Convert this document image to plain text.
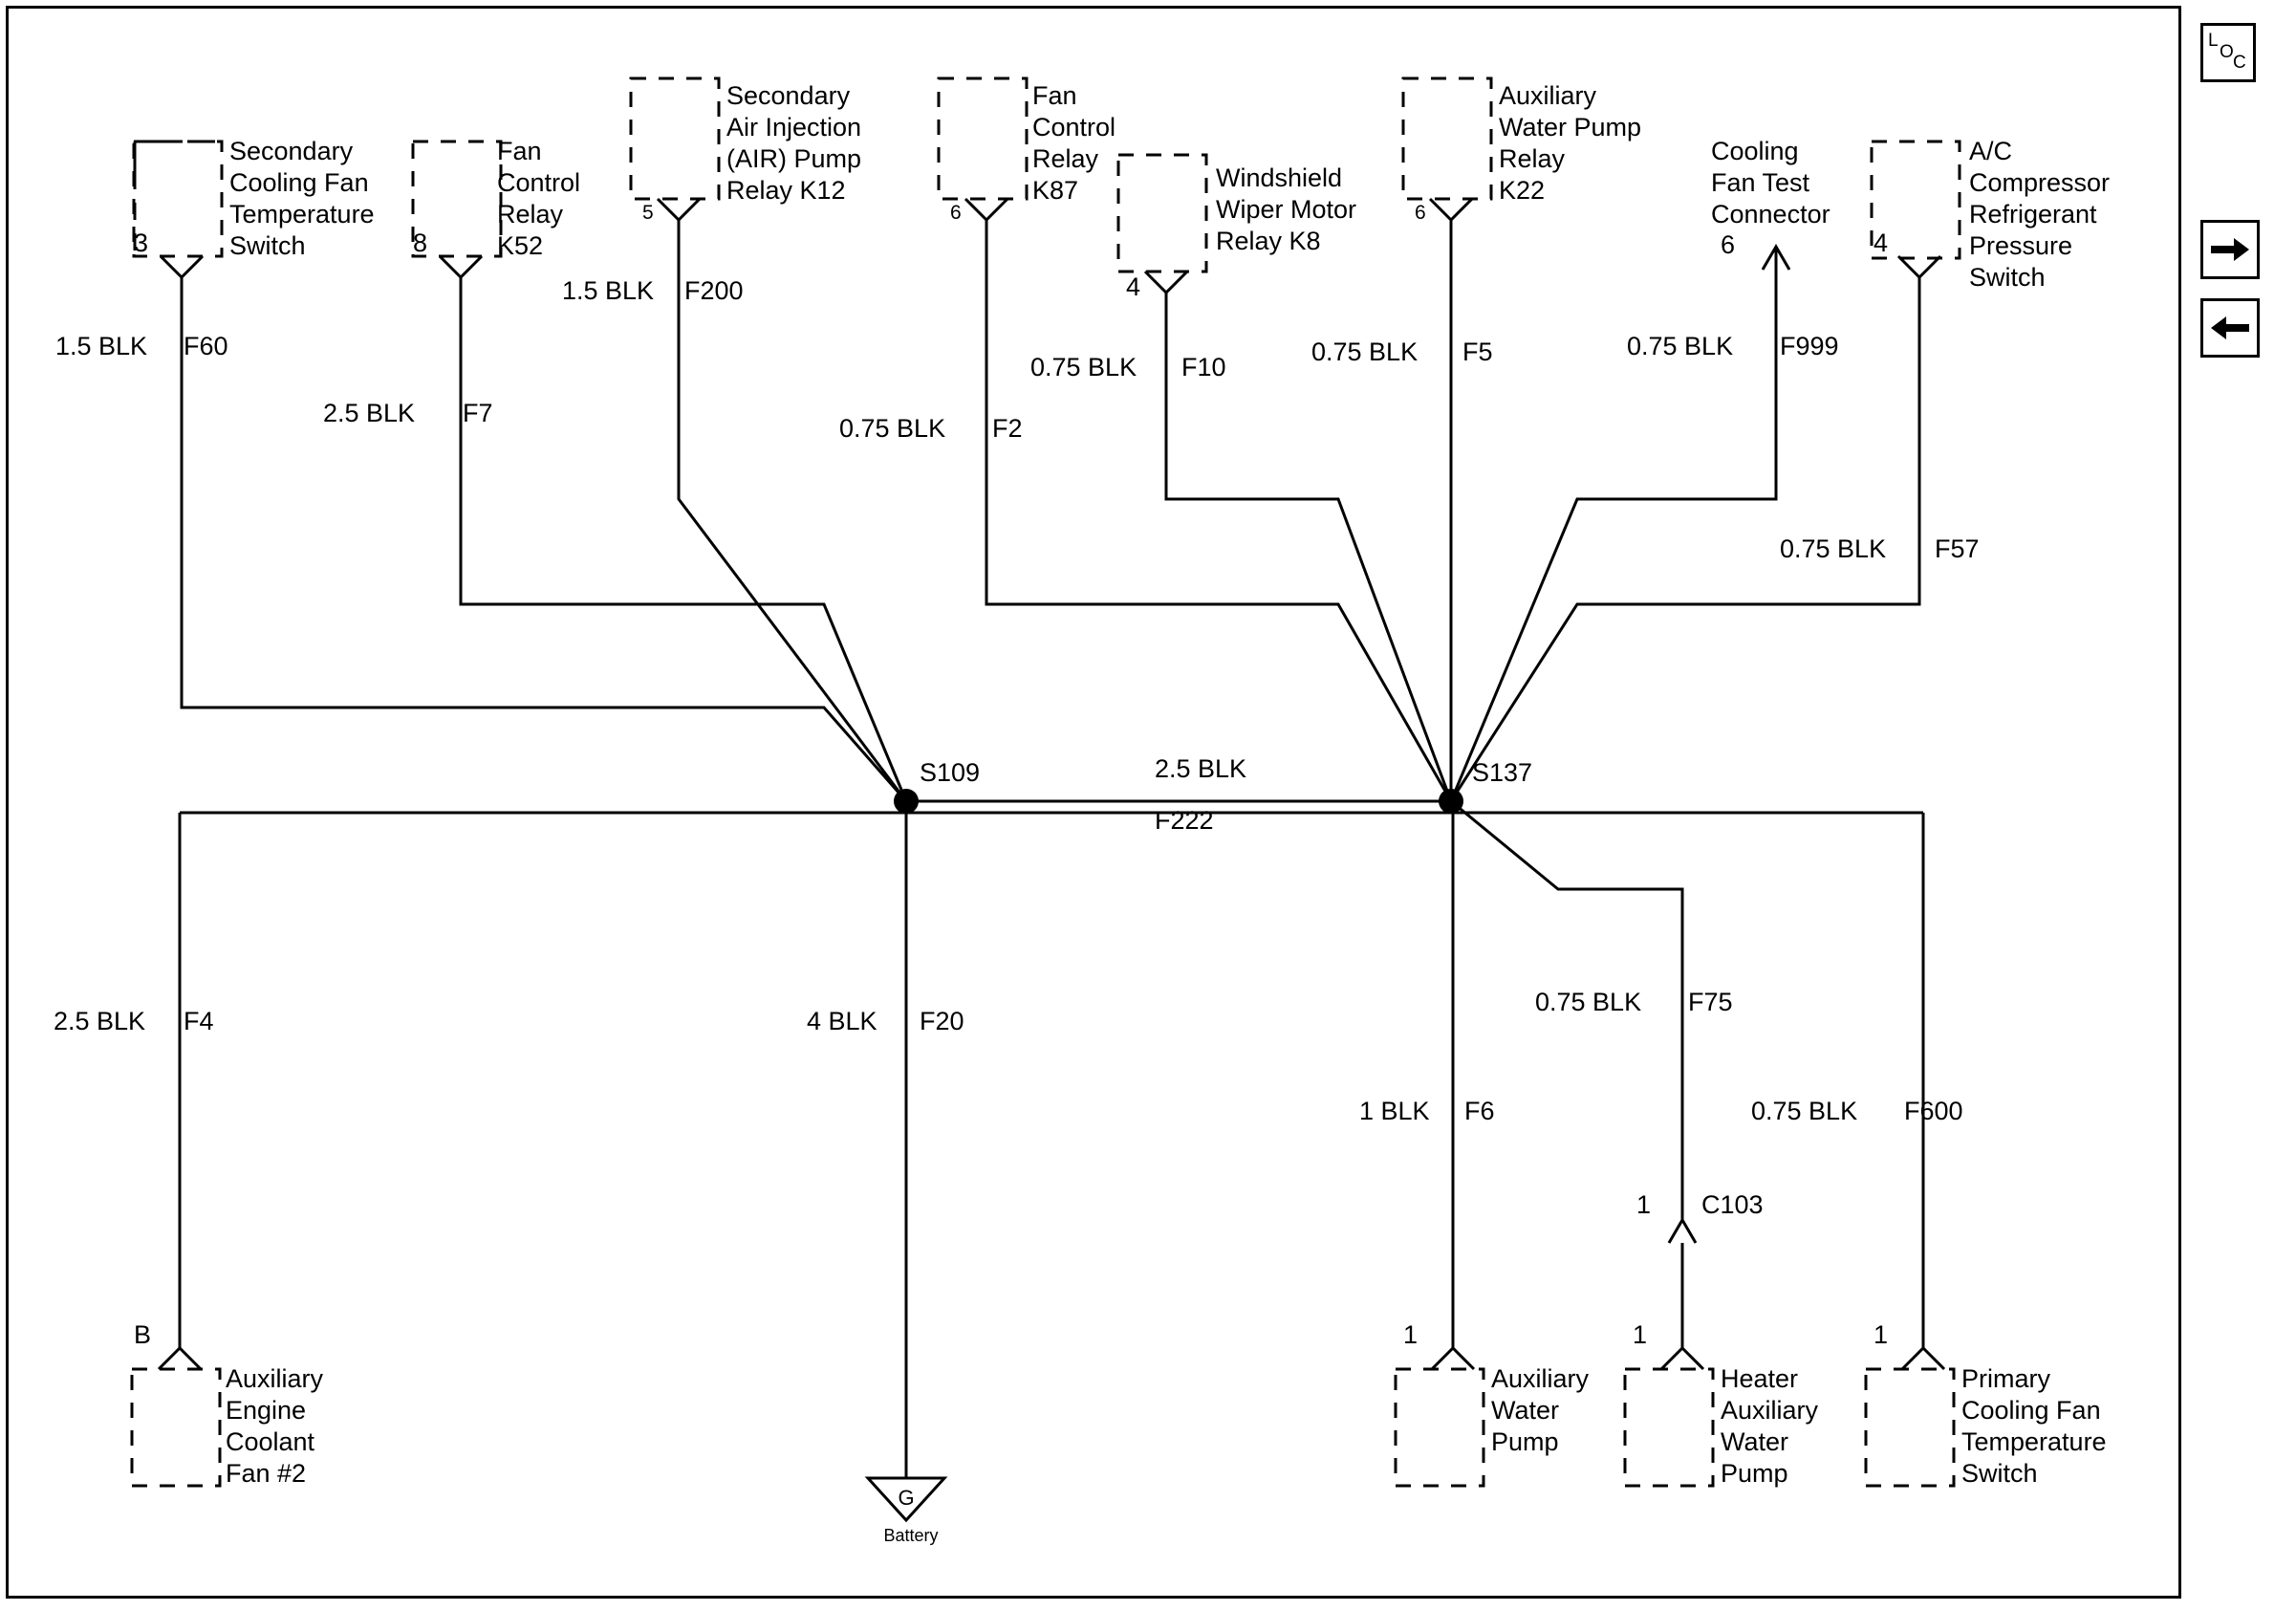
G
Secondary
Cooling Fan
Temperature
Switch
Fan
Control
Relay
K52
Secondary
Air Injection
(AIR) Pump
Relay K12
Fan
Control
Relay
K87	Windshield
Wiper Motor
Relay K8
Auxiliary
Water Pump
Relay
K22
Cooling
Fan Test
Connector
A/C
Compressor
Refrigerant
Pressure
Switch
3	8
5	6
4
6
6	4
1.5 BLK F60
2.5 BLK F7
1.5 BLK F200
0.75 BLK F2
0.75 BLK F10
0.75 BLK F5	0.75 BLK F999
0.75 BLK F57
S109	S137
2.5 BLK
F222
4 BLK F20
2.5 BLK F4
1 BLK F6
0.75 BLK F75
0.75 BLK F600
1 C103
B	1	1	1
Auxiliary
Engine
Coolant
Fan #2
Auxiliary
Water
Pump
Heater
Auxiliary
Water
Pump
Primary
Cooling Fan
Temperature
Switch
Battery
L
O
C
